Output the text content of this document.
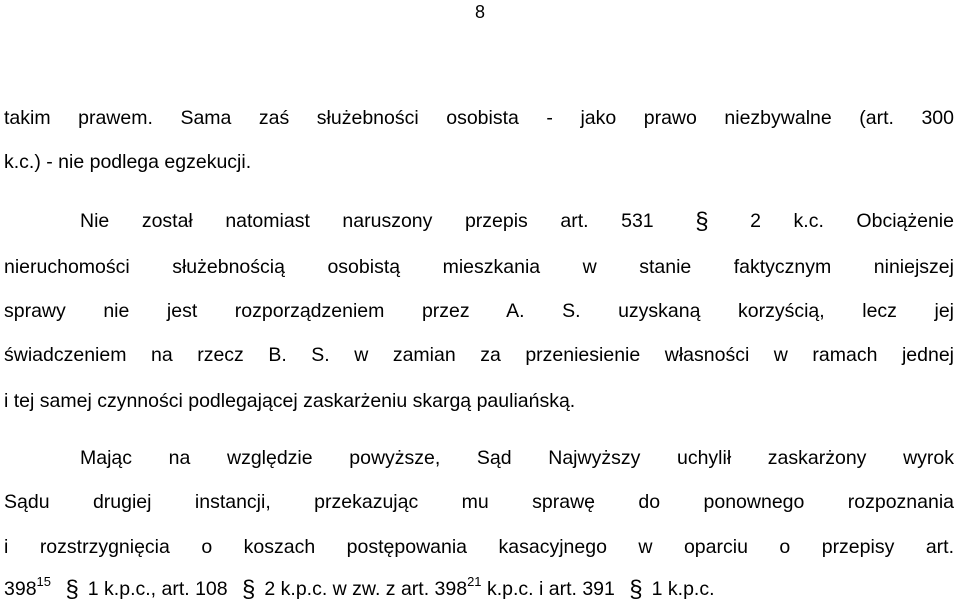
8
takim prawem. Sama zaś służebności osobista - jako prawo niezbywalne (art. 300
k.c.) - nie podlega egzekucji.
Nie został natomiast naruszony przepis art. 531 § 2 k.c. Obciążenie
nieruchomości służebnością osobistą mieszkania w stanie faktycznym niniejszej
sprawy nie jest rozporządzeniem przez A. S. uzyskaną korzyścią, lecz jej
świadczeniem na rzecz B. S. w zamian za przeniesienie własności w ramach jednej
i tej samej czynności podlegającej zaskarżeniu skargą pauliańską.
Mając na względzie powyższe, Sąd Najwyższy uchylił zaskarżony wyrok
Sądu drugiej instancji, przekazując mu sprawę do ponownego rozpoznania
i rozstrzygnięcia o koszach postępowania kasacyjnego w oparciu o przepisy art.
$398^{15}$ § 1 k.p.c., art. 108 § 2 k.p.c. w zw. z art. $398^{21}$ k.p.c. i art. 391 § 1 k.p.c.
